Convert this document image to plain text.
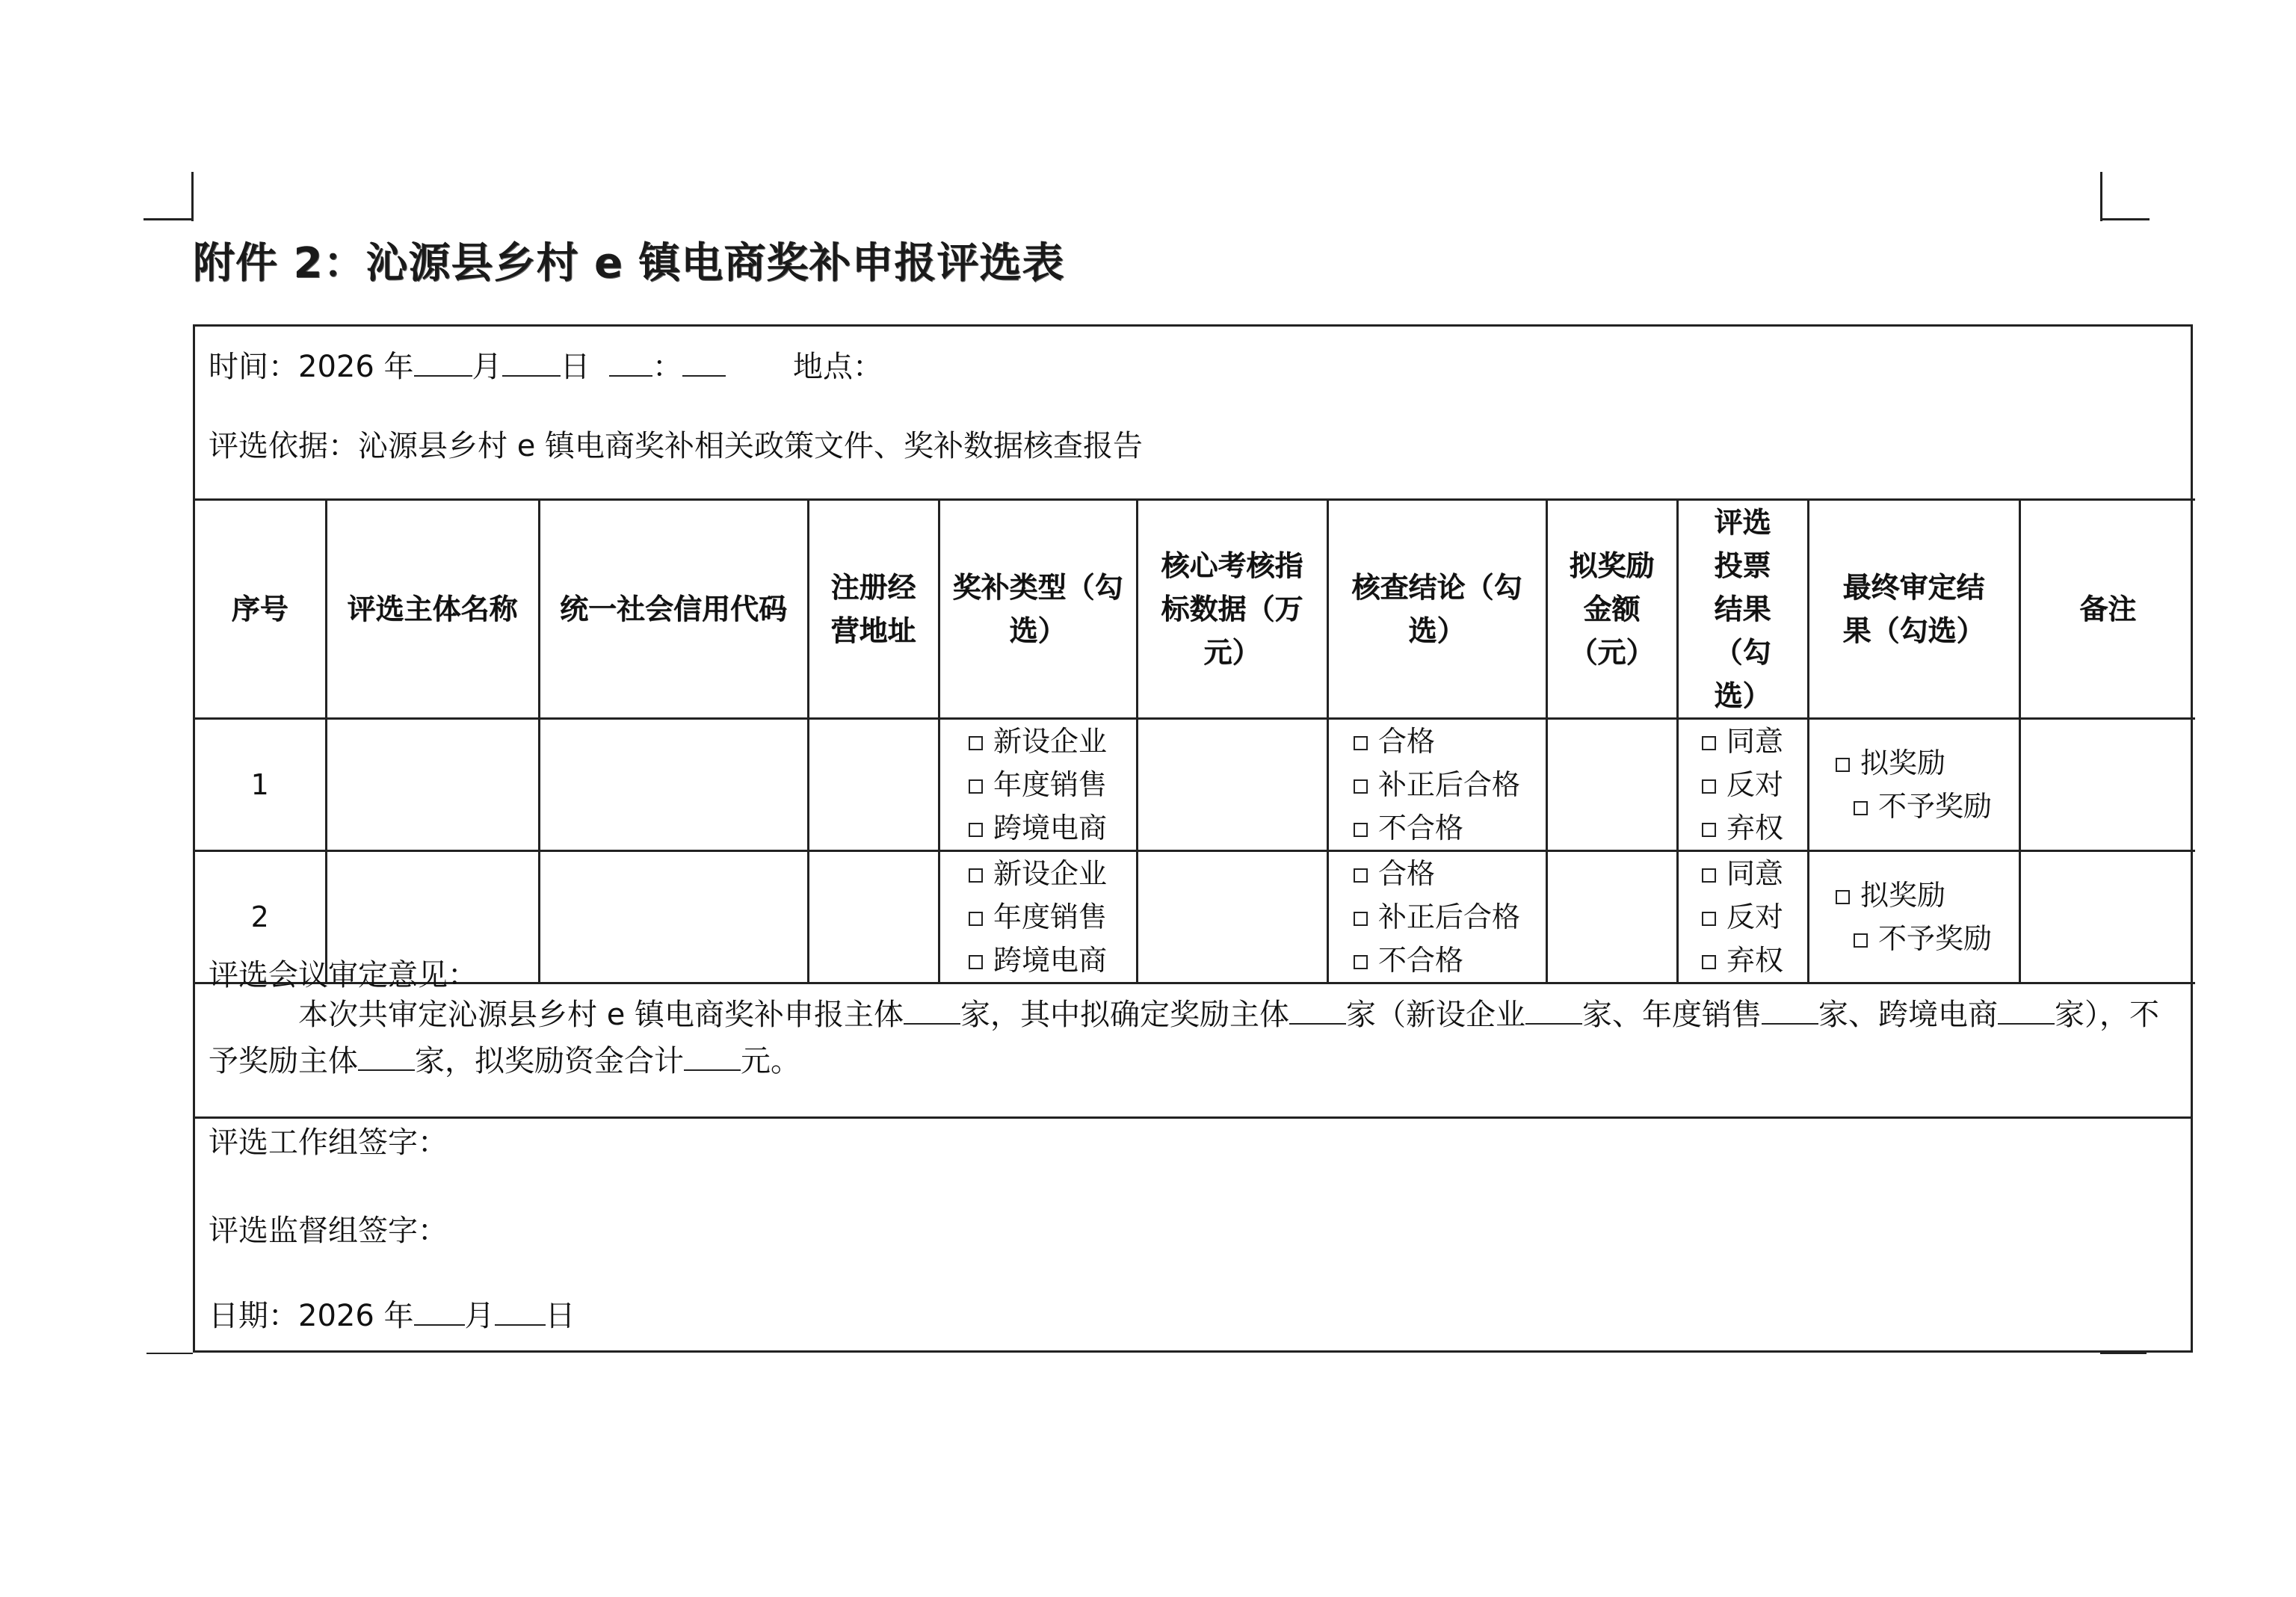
附件 2：沁源县乡村 e 镇电商奖补申报评选表
时间：2026 年 月 日 ：	地点：
评选依据：沁源县乡村 e 镇电商奖补相关政策文件、奖补数据核查报告
序号	评选主体名称	统一社会信用代码	注册经营地址	奖补类型（勾选）	核心考核指标数据（万元）	核查结论（勾选）	拟奖励金额（元）	评选投票结果（勾选）	最终审定结果（勾选）	备注
1				新设企业
年度销售
跨境电商		合格
补正后合格
不合格		同意
反对
弃权	拟奖励
不予奖励	

2				新设企业
年度销售
跨境电商		合格
补正后合格
不合格		同意
反对
弃权	拟奖励
不予奖励	

评选会议审定意见：
本次共审定沁源县乡村 e 镇电商奖补申报主体 家，其中拟确定奖励主体 家（新设企业 家、年度销售 家、跨境电商 家），不予奖励主体 家，拟奖励资金合计 元。
评选工作组签字：
评选监督组签字：
日期：2026 年 月 日
